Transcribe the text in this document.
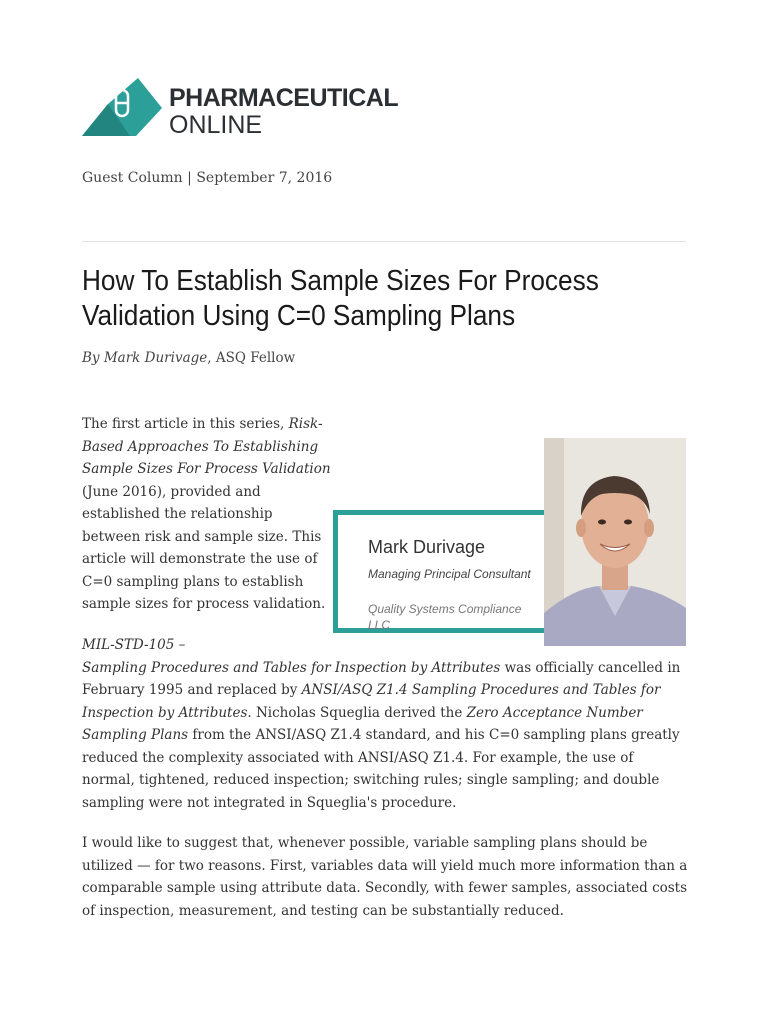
PHARMACEUTICAL
ONLINE
Guest Column | September 7, 2016
How To Establish Sample Sizes For Process Validation Using C=0 Sampling Plans
By Mark Durivage, ASQ Fellow

The first article in this series, Risk-Based Approaches To Establishing Sample Sizes For Process Validation (June 2016), provided and established the relationship between risk and sample size. This article will demonstrate the use of C=0 sampling plans to establish sample sizes for process validation.

Mark Durivage
Managing Principal Consultant
Quality Systems Compliance LLC

MIL-STD-105 –
Sampling Procedures and Tables for Inspection by Attributes was officially cancelled in February 1995 and replaced by ANSI/ASQ Z1.4 Sampling Procedures and Tables for Inspection by Attributes. Nicholas Squeglia derived the Zero Acceptance Number Sampling Plans from the ANSI/ASQ Z1.4 standard, and his C=0 sampling plans greatly reduced the complexity associated with ANSI/ASQ Z1.4. For example, the use of normal, tightened, reduced inspection; switching rules; single sampling; and double sampling were not integrated in Squeglia's procedure.

I would like to suggest that, whenever possible, variable sampling plans should be utilized — for two reasons. First, variables data will yield much more information than a comparable sample using attribute data. Secondly, with fewer samples, associated costs of inspection, measurement, and testing can be substantially reduced.
